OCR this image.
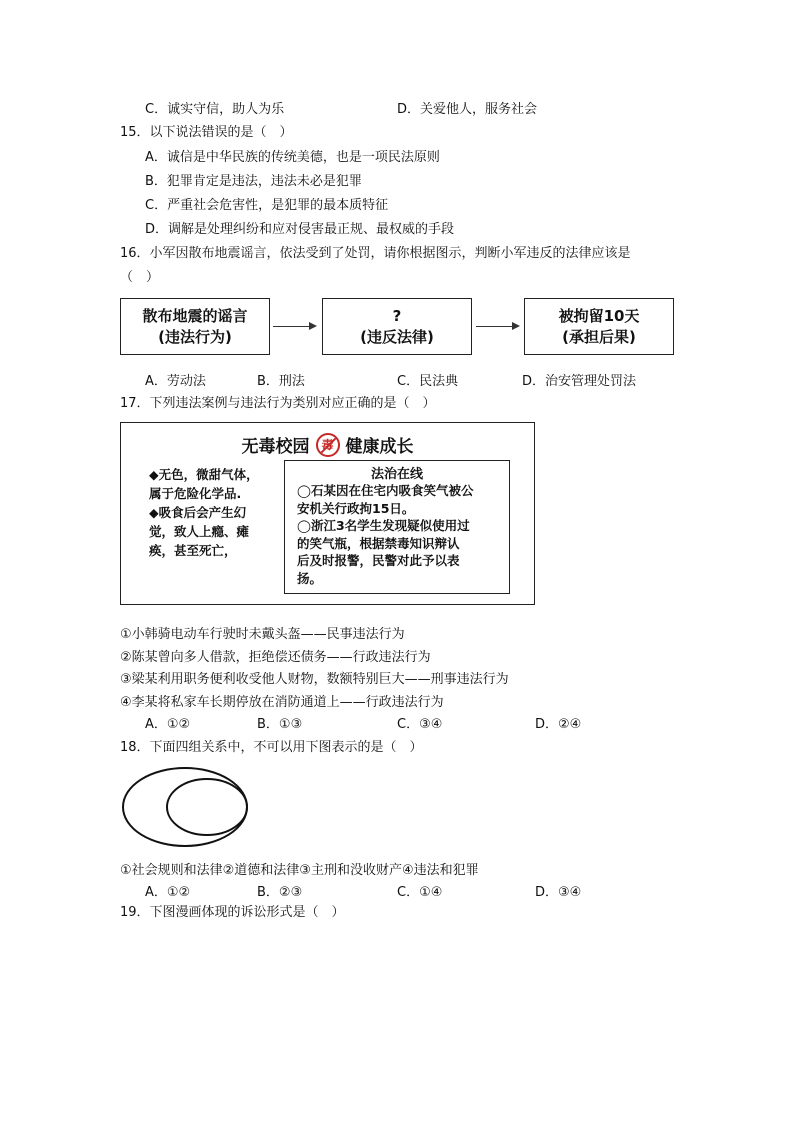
C．诚实守信，助人为乐	D．关爱他人，服务社会
15．以下说法错误的是（　）
A．诚信是中华民族的传统美德，也是一项民法原则
B．犯罪肯定是违法，违法未必是犯罪
C．严重社会危害性，是犯罪的最本质特征
D．调解是处理纠纷和应对侵害最正规、最权威的手段
16．小军因散布地震谣言，依法受到了处罚，请你根据图示，判断小军违反的法律应该是
（　）
散布地震的谣言
(违法行为)
?
(违反法律)
被拘留10天
(承担后果)
A．劳动法	B．刑法	C．民法典	D．治安管理处罚法
17．下列违法案例与违法行为类别对应正确的是（　）
无毒校园 毒 健康成长
◆无色，微甜气体，
属于危险化学品.
◆吸食后会产生幻
觉，致人上瘾、瘫
痪，甚至死亡，
法治在线
◯石某因在住宅内吸食笑气被公
安机关行政拘15日。
◯浙江3名学生发现疑似使用过
的笑气瓶，根据禁毒知识辩认
后及时报警，民警对此予以表
扬。
①小韩骑电动车行驶时未戴头盔——民事违法行为
②陈某曾向多人借款，拒绝偿还债务——行政违法行为
③梁某利用职务便利收受他人财物，数额特别巨大——刑事违法行为
④李某将私家车长期停放在消防通道上——行政违法行为
A．①②	B．①③	C．③④	D．②④
18．下面四组关系中，不可以用下图表示的是（　）
①社会规则和法律②道德和法律③主刑和没收财产④违法和犯罪
A．①②	B．②③	C．①④	D．③④
19．下图漫画体现的诉讼形式是（　）
